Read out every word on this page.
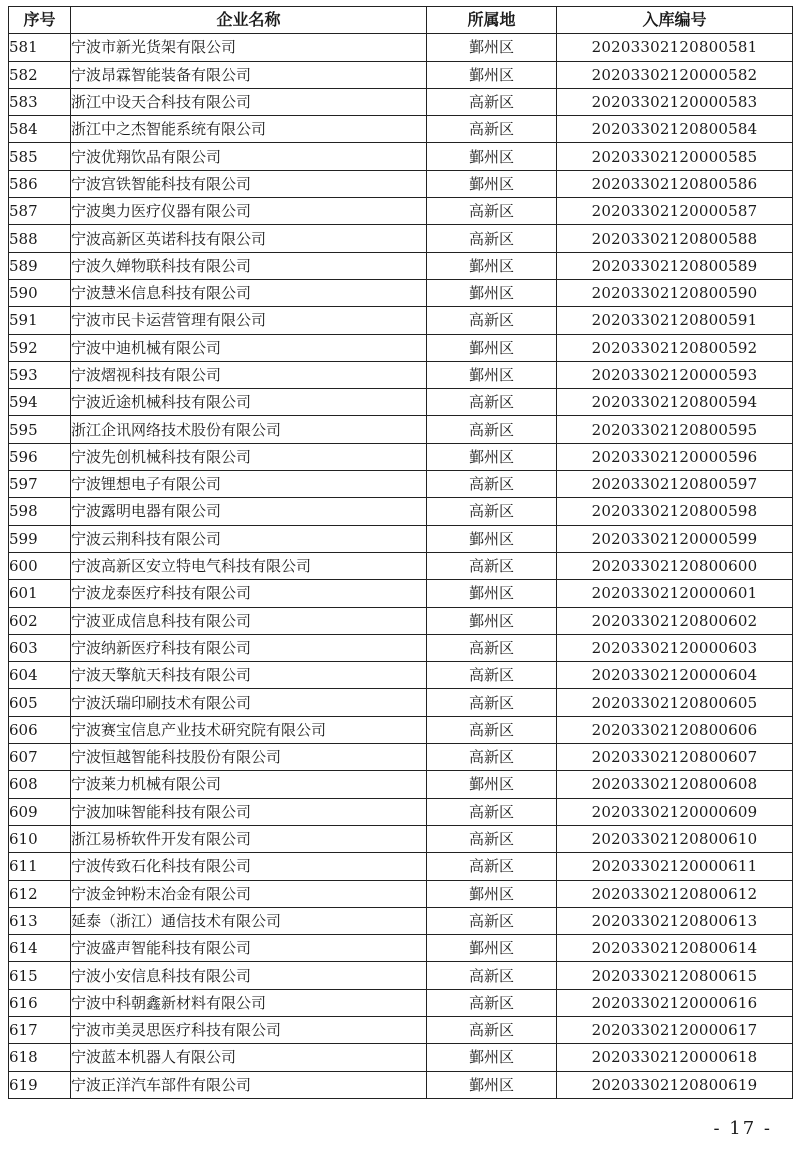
序号	企业名称	所属地	入库编号
581	宁波市新光货架有限公司	鄞州区	20203302120800581
582	宁波昂霖智能装备有限公司	鄞州区	20203302120000582
583	浙江中设天合科技有限公司	高新区	20203302120000583
584	浙江中之杰智能系统有限公司	高新区	20203302120800584
585	宁波优翔饮品有限公司	鄞州区	20203302120000585
586	宁波宫铁智能科技有限公司	鄞州区	20203302120800586
587	宁波奥力医疗仪器有限公司	高新区	20203302120000587
588	宁波高新区英诺科技有限公司	高新区	20203302120800588
589	宁波久婵物联科技有限公司	鄞州区	20203302120800589
590	宁波慧米信息科技有限公司	鄞州区	20203302120800590
591	宁波市民卡运营管理有限公司	高新区	20203302120800591
592	宁波中迪机械有限公司	鄞州区	20203302120800592
593	宁波熠视科技有限公司	鄞州区	20203302120000593
594	宁波近途机械科技有限公司	高新区	20203302120800594
595	浙江企讯网络技术股份有限公司	高新区	20203302120800595
596	宁波先创机械科技有限公司	鄞州区	20203302120000596
597	宁波锂想电子有限公司	高新区	20203302120800597
598	宁波露明电器有限公司	高新区	20203302120800598
599	宁波云荆科技有限公司	鄞州区	20203302120000599
600	宁波高新区安立特电气科技有限公司	高新区	20203302120800600
601	宁波龙泰医疗科技有限公司	鄞州区	20203302120000601
602	宁波亚成信息科技有限公司	鄞州区	20203302120800602
603	宁波纳新医疗科技有限公司	高新区	20203302120000603
604	宁波天擎航天科技有限公司	高新区	20203302120000604
605	宁波沃瑞印刷技术有限公司	高新区	20203302120800605
606	宁波赛宝信息产业技术研究院有限公司	高新区	20203302120800606
607	宁波恒越智能科技股份有限公司	高新区	20203302120800607
608	宁波莱力机械有限公司	鄞州区	20203302120800608
609	宁波加味智能科技有限公司	高新区	20203302120000609
610	浙江易桥软件开发有限公司	高新区	20203302120800610
611	宁波传致石化科技有限公司	高新区	20203302120000611
612	宁波金钟粉末冶金有限公司	鄞州区	20203302120800612
613	延泰（浙江）通信技术有限公司	高新区	20203302120800613
614	宁波盛声智能科技有限公司	鄞州区	20203302120800614
615	宁波小安信息科技有限公司	高新区	20203302120800615
616	宁波中科朝鑫新材料有限公司	高新区	20203302120000616
617	宁波市美灵思医疗科技有限公司	高新区	20203302120000617
618	宁波蓝本机器人有限公司	鄞州区	20203302120000618
619	宁波正洋汽车部件有限公司	鄞州区	20203302120800619
- 17 -
